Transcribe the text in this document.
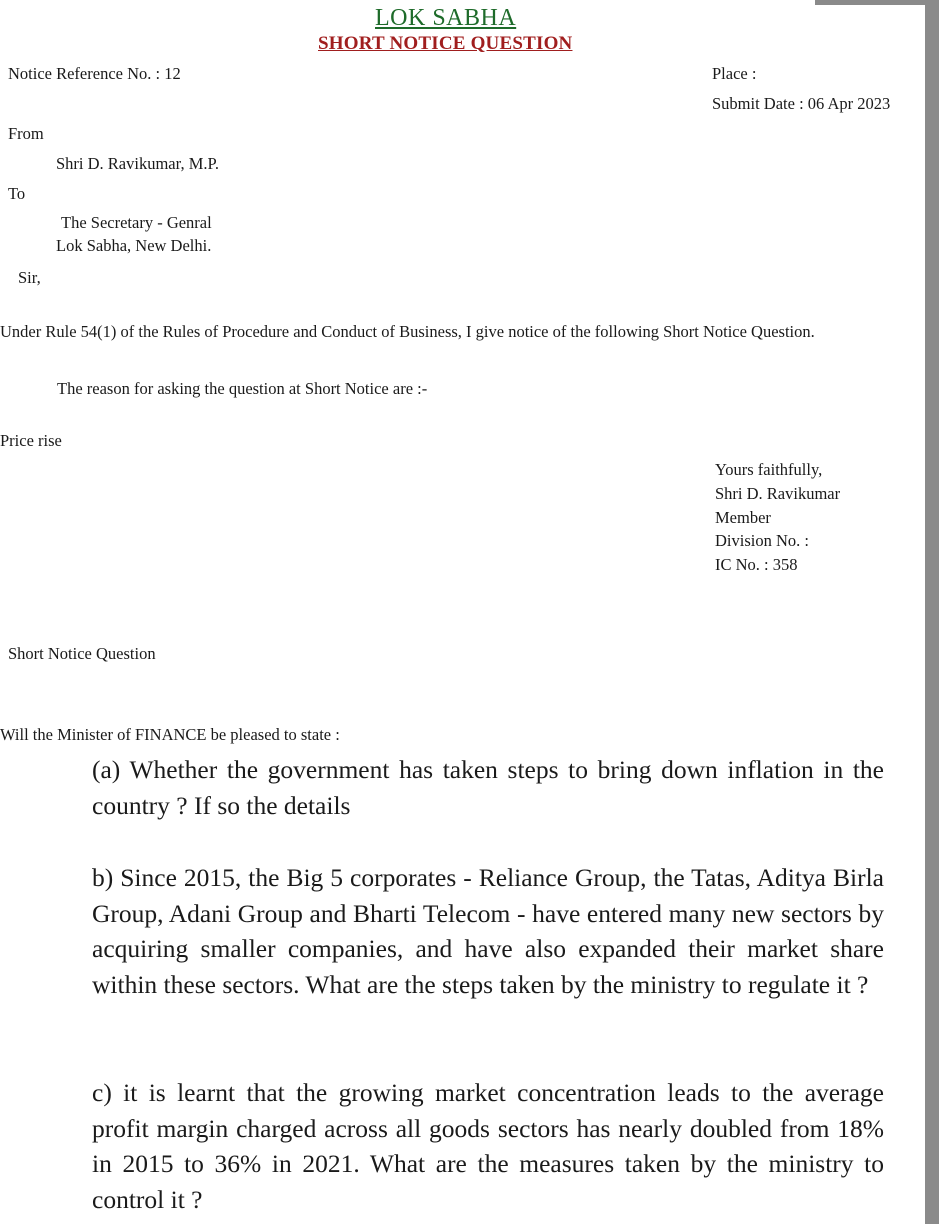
LOK SABHA
SHORT NOTICE QUESTION
Notice Reference No. : 12	Place :
Submit Date : 06 Apr 2023
From
Shri D. Ravikumar, M.P.
To
The Secretary - Genral
Lok Sabha, New Delhi.
Sir,
Under Rule 54(1) of the Rules of Procedure and Conduct of Business, I give notice of the following Short Notice Question.
The reason for asking the question at Short Notice are :-
Price rise
Yours faithfully,
Shri D. Ravikumar
Member
Division No. :
IC No. : 358
Short Notice Question
Will the Minister of FINANCE be pleased to state :
(a) Whether the government has taken steps to bring down inflation in the country ? If so the details
b) Since 2015, the Big 5 corporates - Reliance Group, the Tatas, Aditya Birla Group, Adani Group and Bharti Telecom - have entered many new sectors by acquiring smaller companies, and have also expanded their market share within these sectors. What are the steps taken by the ministry to regulate it ?
c) it is learnt that the growing market concentration leads to the average profit margin charged across all goods sectors has nearly doubled from 18% in 2015 to 36% in 2021. What are the measures taken by the ministry to control it ?
